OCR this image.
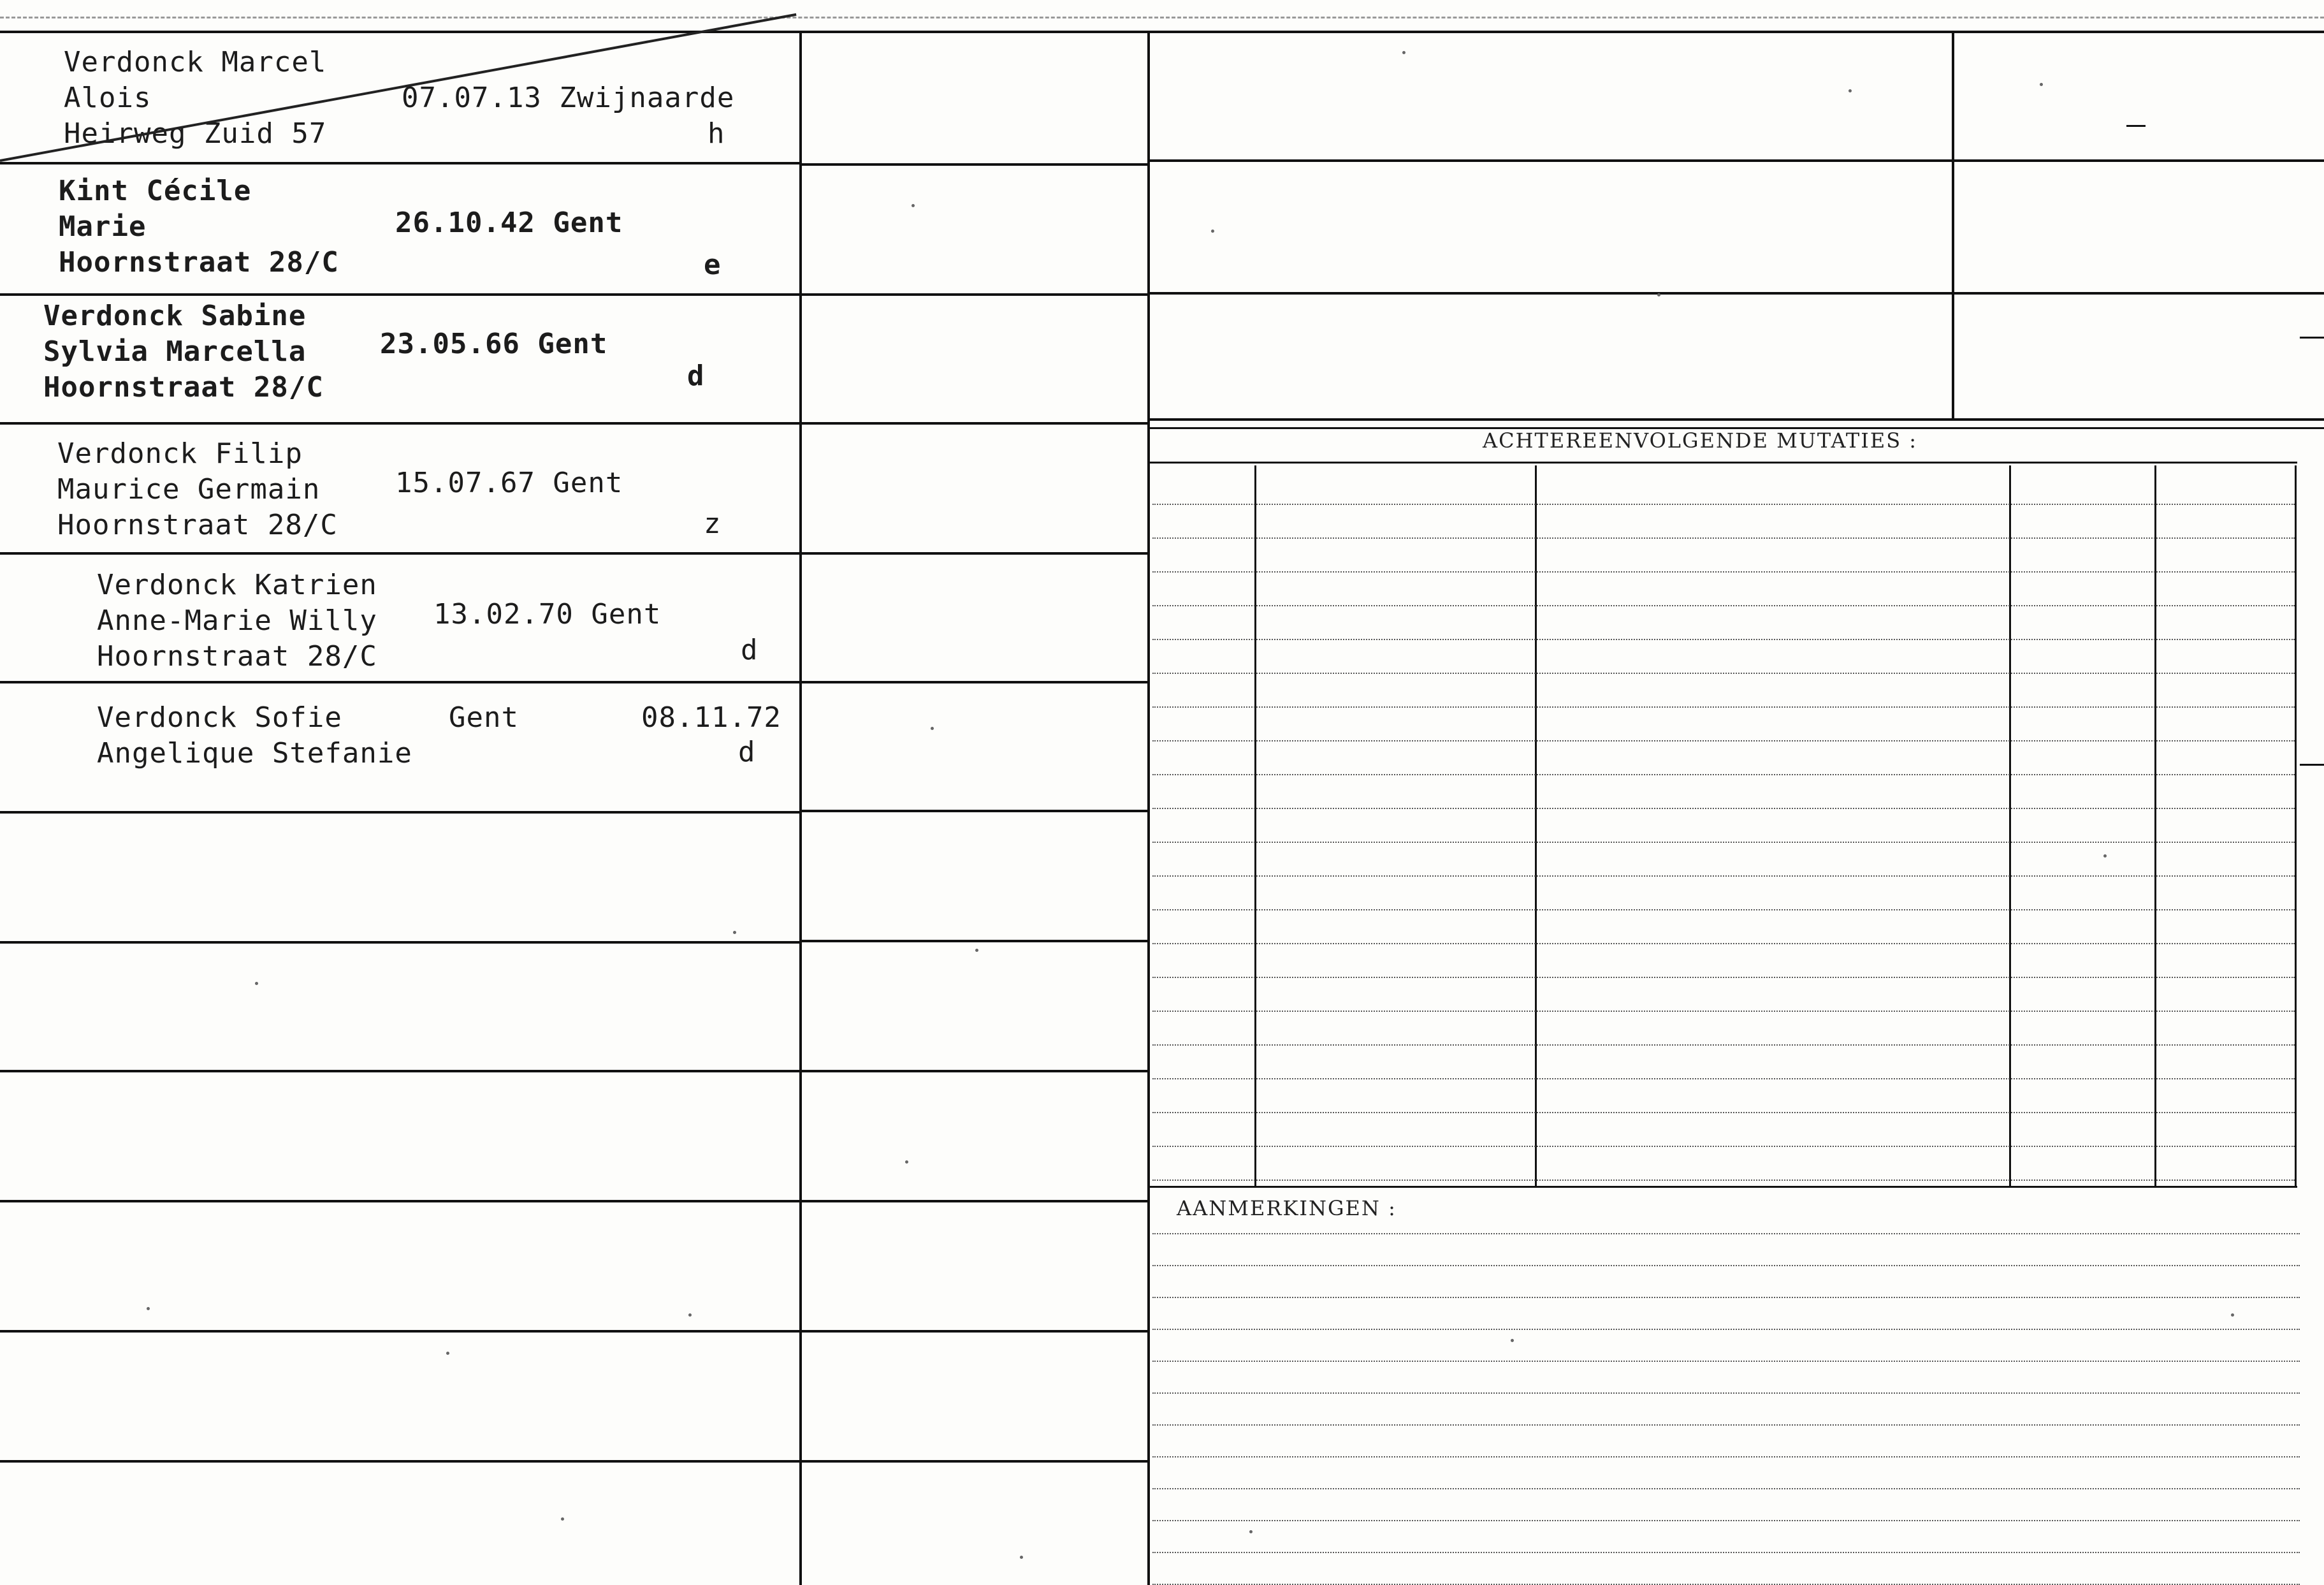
ACHTEREENVOLGENDE MUTATIES :
AANMERKINGEN :

Verdonck Marcel

Alois

Heirweg Zuid 57

07.07.13 Zwijnaarde

h

Kint Cécile

Marie

Hoornstraat 28/C

26.10.42 Gent

e

Verdonck Sabine

Sylvia Marcella

Hoornstraat 28/C

23.05.66 Gent

d

Verdonck Filip

Maurice Germain

Hoornstraat 28/C

15.07.67 Gent

z

Verdonck Katrien

Anne-Marie Willy

Hoornstraat 28/C

13.02.70 Gent

d

Verdonck Sofie

Angelique Stefanie

Gent

	08.11.72

d
